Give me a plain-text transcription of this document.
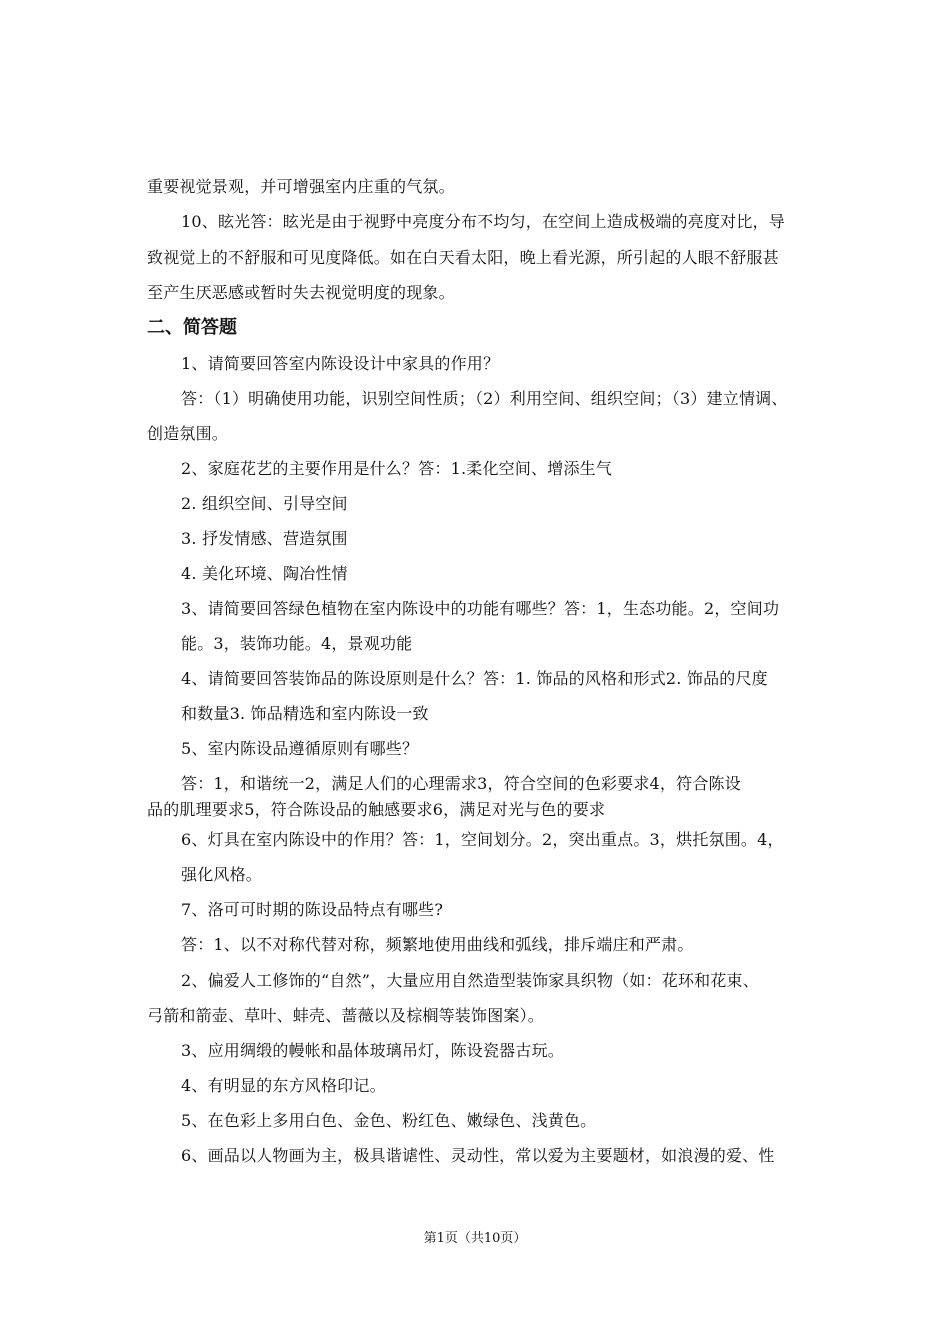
重要视觉景观，并可增强室内庄重的气氛。
10、眩光答：眩光是由于视野中亮度分布不均匀，在空间上造成极端的亮度对比，导
致视觉上的不舒服和可见度降低。如在白天看太阳，晚上看光源，所引起的人眼不舒服甚
至产生厌恶感或暂时失去视觉明度的现象。
二、简答题
1、请简要回答室内陈设设计中家具的作用？
答：（1）明确使用功能，识别空间性质；（2）利用空间、组织空间；（3）建立情调、
创造氛围。
2、家庭花艺的主要作用是什么？答：1.柔化空间、增添生气
2. 组织空间、引导空间
3. 抒发情感、营造氛围
4. 美化环境、陶冶性情
3、请简要回答绿色植物在室内陈设中的功能有哪些？答：1，生态功能。2，空间功
能。3，装饰功能。4，景观功能
4、请简要回答装饰品的陈设原则是什么？答：1. 饰品的风格和形式2. 饰品的尺度
和数量3. 饰品精选和室内陈设一致
5、室内陈设品遵循原则有哪些？
答：1，和谐统一2，满足人们的心理需求3，符合空间的色彩要求4，符合陈设
品的肌理要求5，符合陈设品的触感要求6，满足对光与色的要求
6、灯具在室内陈设中的作用？答：1，空间划分。2，突出重点。3，烘托氛围。4，
强化风格。
7、洛可可时期的陈设品特点有哪些?
答：1、以不对称代替对称，频繁地使用曲线和弧线，排斥端庄和严肃。
2、偏爱人工修饰的“自然”，大量应用自然造型装饰家具织物（如：花环和花束、
弓箭和箭壶、草叶、蚌壳、蔷薇以及棕榈等装饰图案）。
3、应用绸缎的幔帐和晶体玻璃吊灯，陈设瓷器古玩。
4、有明显的东方风格印记。
5、在色彩上多用白色、金色、粉红色、嫩绿色、浅黄色。
6、画品以人物画为主，极具谐谑性、灵动性，常以爱为主要题材，如浪漫的爱、性
第1页（共10页）
